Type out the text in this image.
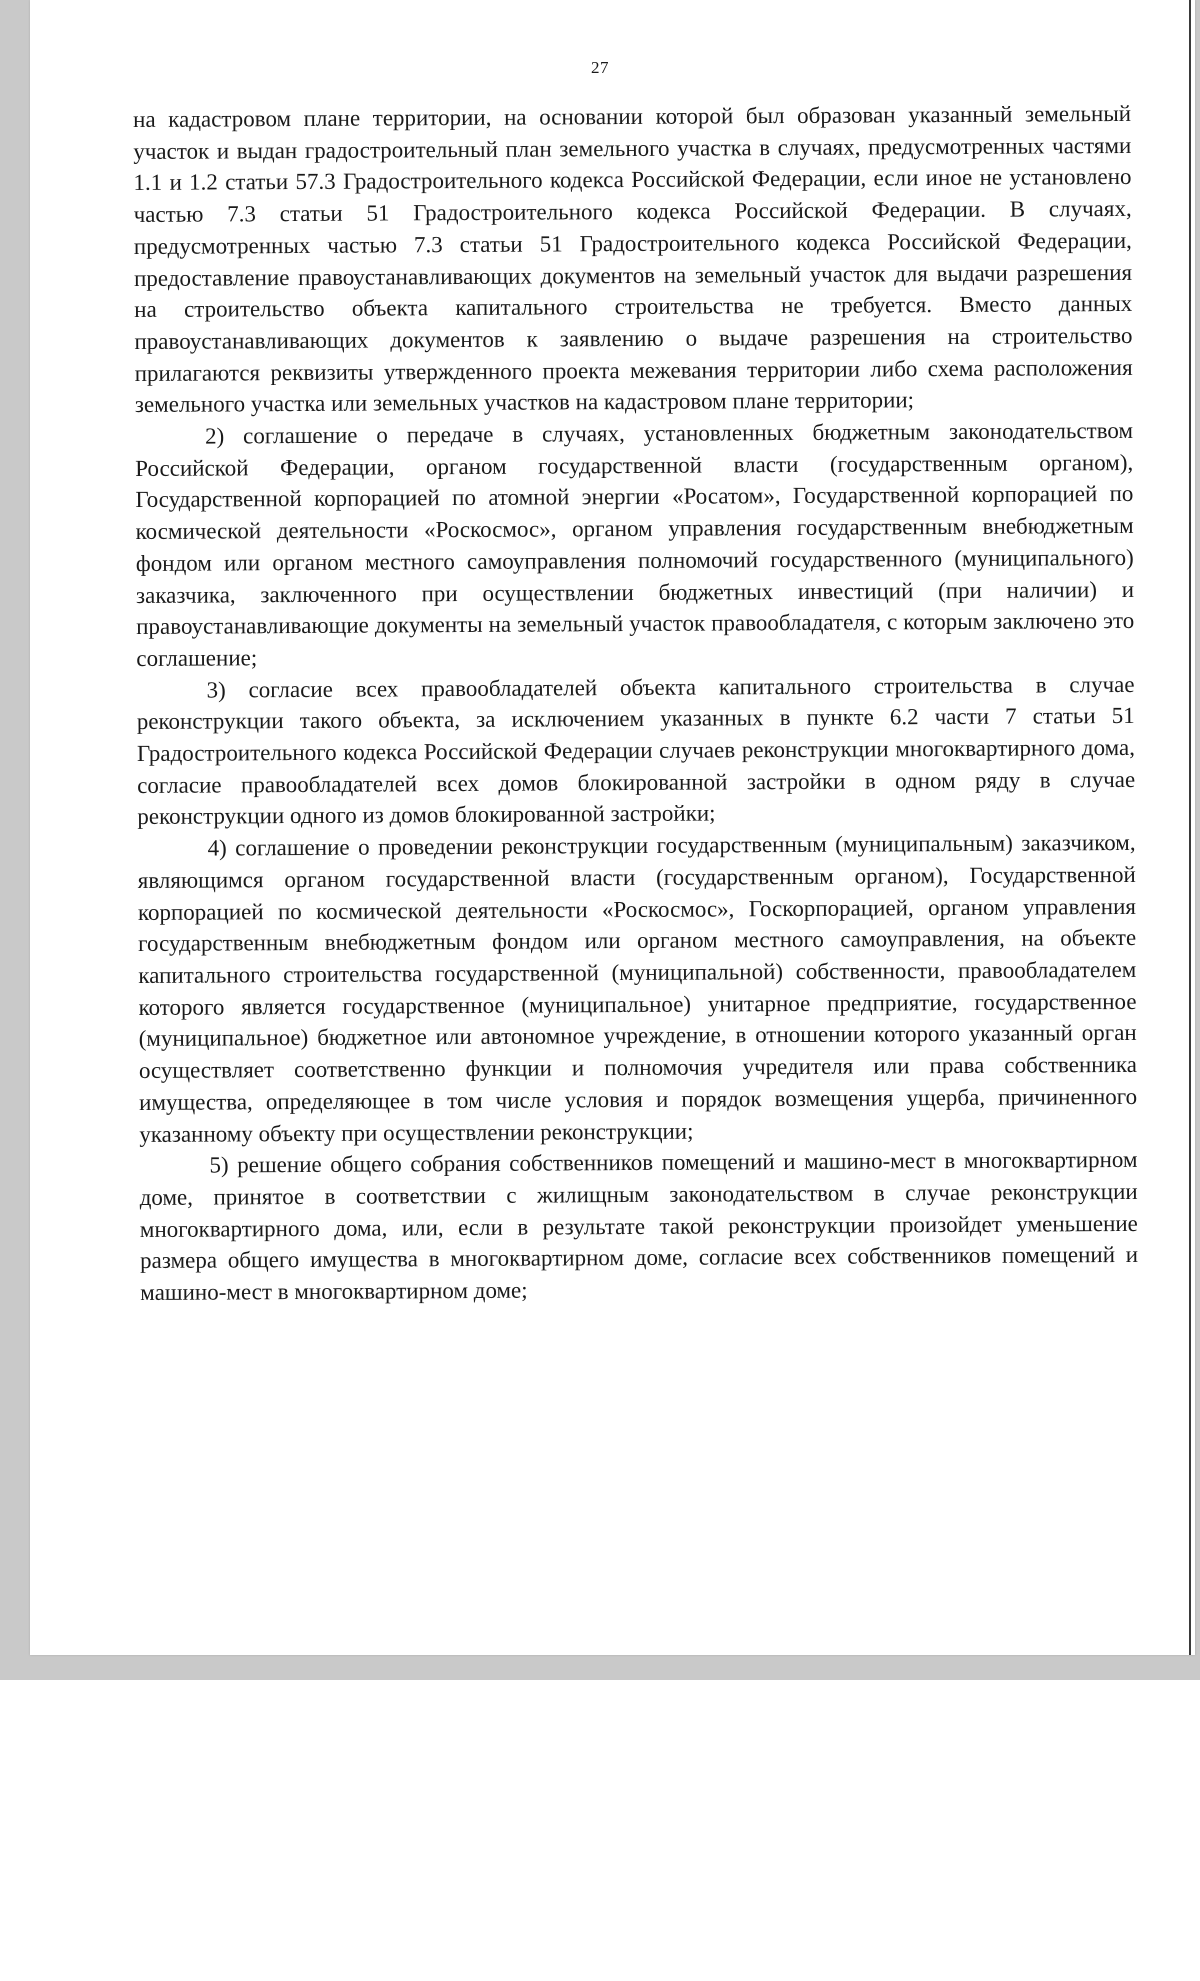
27

на кадастровом плане территории, на основании которой был образован указанный земельный участок и выдан градостроительный план земельного участка в случаях, предусмотренных частями 1.1 и 1.2 статьи 57.3 Градостроительного кодекса Российской Федерации, если иное не установлено частью 7.3 статьи 51 Градостроительного кодекса Российской Федерации. В случаях, предусмотренных частью 7.3 статьи 51 Градостроительного кодекса Российской Федерации, предоставление правоустанавливающих документов на земельный участок для выдачи разрешения на строительство объекта капитального строительства не требуется. Вместо данных правоустанавливающих документов к заявлению о выдаче разрешения на строительство прилагаются реквизиты утвержденного проекта межевания территории либо схема расположения земельного участка или земельных участков на кадастровом плане территории;

2) соглашение о передаче в случаях, установленных бюджетным законодательством Российской Федерации, органом государственной власти (государственным органом), Государственной корпорацией по атомной энергии «Росатом», Государственной корпорацией по космической деятельности «Роскосмос», органом управления государственным внебюджетным фондом или органом местного самоуправления полномочий государственного (муниципального) заказчика, заключенного при осуществлении бюджетных инвестиций (при наличии) и правоустанавливающие документы на земельный участок правообладателя, с которым заключено это соглашение;

3) согласие всех правообладателей объекта капитального строительства в случае реконструкции такого объекта, за исключением указанных в пункте 6.2 части 7 статьи 51 Градостроительного кодекса Российской Федерации случаев реконструкции многоквартирного дома, согласие правообладателей всех домов блокированной застройки в одном ряду в случае реконструкции одного из домов блокированной застройки;

4) соглашение о проведении реконструкции государственным (муниципальным) заказчиком, являющимся органом государственной власти (государственным органом), Государственной корпорацией по космической деятельности «Роскосмос», Госкорпорацией, органом управления государственным внебюджетным фондом или органом местного самоуправления, на объекте капитального строительства государственной (муниципальной) собственности, правообладателем которого является государственное (муниципальное) унитарное предприятие, государственное (муниципальное) бюджетное или автономное учреждение, в отношении которого указанный орган осуществляет соответственно функции и полномочия учредителя или права собственника имущества, определяющее в том числе условия и порядок возмещения ущерба, причиненного указанному объекту при осуществлении реконструкции;

5) решение общего собрания собственников помещений и машино-мест в многоквартирном доме, принятое в соответствии с жилищным законодательством в случае реконструкции многоквартирного дома, или, если в результате такой реконструкции произойдет уменьшение размера общего имущества в многоквартирном доме, согласие всех собственников помещений и машино-мест в многоквартирном доме;
